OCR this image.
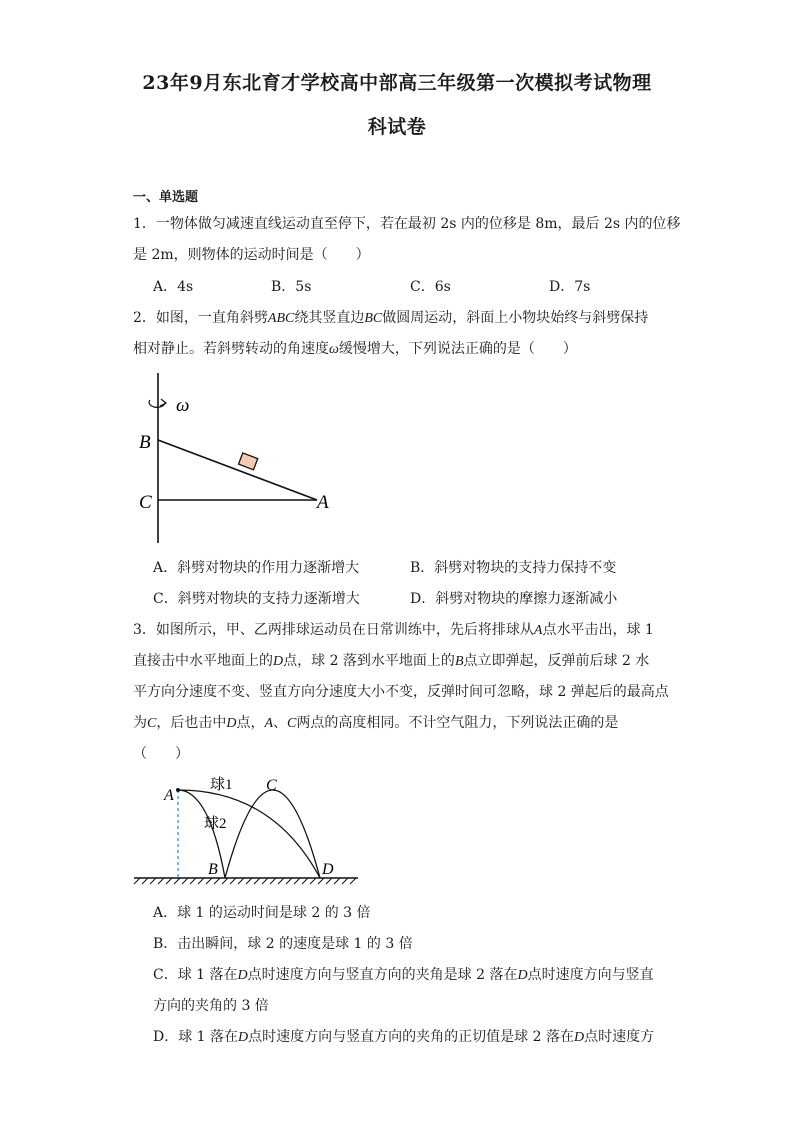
23年9月东北育才学校高中部高三年级第一次模拟考试物理
科试卷
一、单选题
1．一物体做匀减速直线运动直至停下，若在最初 2s 内的位移是 8m，最后 2s 内的位移
是 2m，则物体的运动时间是（　　）
A．4s	B．5s	C．6s	D．7s
2．如图，一直角斜劈ABC绕其竖直边BC做圆周运动，斜面上小物块始终与斜劈保持
相对静止。若斜劈转动的角速度ω缓慢增大，下列说法正确的是（　　）
ω
B
C	A
A．斜劈对物块的作用力逐渐增大	B．斜劈对物块的支持力保持不变
C．斜劈对物块的支持力逐渐增大	D．斜劈对物块的摩擦力逐渐减小
3．如图所示，甲、乙两排球运动员在日常训练中，先后将排球从A点水平击出，球 1
直接击中水平地面上的D点，球 2 落到水平地面上的B点立即弹起，反弹前后球 2 水
平方向分速度不变、竖直方向分速度大小不变，反弹时间可忽略，球 2 弹起后的最高点
为C，后也击中D点，A、C两点的高度相同。不计空气阻力，下列说法正确的是
（　　）
A
球1
球2
C
B	D
A．球 1 的运动时间是球 2 的 3 倍
B．击出瞬间，球 2 的速度是球 1 的 3 倍
C．球 1 落在D点时速度方向与竖直方向的夹角是球 2 落在D点时速度方向与竖直
方向的夹角的 3 倍
D．球 1 落在D点时速度方向与竖直方向的夹角的正切值是球 2 落在D点时速度方
